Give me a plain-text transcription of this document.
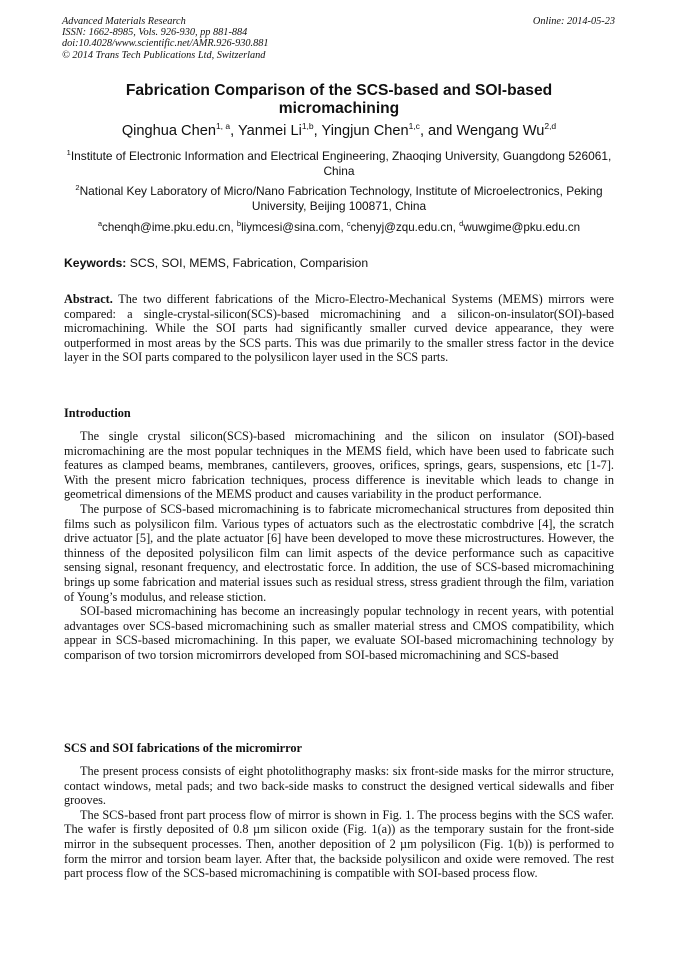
Advanced Materials Research
ISSN: 1662-8985, Vols. 926-930, pp 881-884
doi:10.4028/www.scientific.net/AMR.926-930.881
© 2014 Trans Tech Publications Ltd, Switzerland
Online: 2014-05-23
Fabrication Comparison of the SCS-based and SOI-based micromachining
Qinghua Chen$^{1, a}$, Yanmei Li$^{1,b}$, Yingjun Chen$^{1,c}$, and Wengang Wu$^{2,d}$
$^1$Institute of Electronic Information and Electrical Engineering, Zhaoqing University, Guangdong 526061, China
$^2$National Key Laboratory of Micro/Nano Fabrication Technology, Institute of Microelectronics, Peking University, Beijing 100871, China
$^a$chenqh@ime.pku.edu.cn, $^b$liymcesi@sina.com, $^c$chenyj@zqu.edu.cn, $^d$wuwgime@pku.edu.cn
Keywords: SCS, SOI, MEMS, Fabrication, Comparision

Abstract. The two different fabrications of the Micro-Electro-Mechanical Systems (MEMS) mirrors were compared: a single-crystal-silicon(SCS)-based micromachining and a silicon-on-insulator(SOI)-based micromachining. While the SOI parts had significantly smaller curved device appearance, they were outperformed in most areas by the SCS parts. This was due primarily to the smaller stress factor in the device layer in the SOI parts compared to the polysilicon layer used in the SCS parts.

Introduction

The single crystal silicon(SCS)-based micromachining and the silicon on insulator (SOI)-based micromachining are the most popular techniques in the MEMS field, which have been used to fabricate such features as clamped beams, membranes, cantilevers, grooves, orifices, springs, gears, suspensions, etc [1-7]. With the present micro fabrication techniques, process difference is inevitable which leads to change in geometrical dimensions of the MEMS product and causes variability in the product performance.

The purpose of SCS-based micromachining is to fabricate micromechanical structures from deposited thin films such as polysilicon film. Various types of actuators such as the electrostatic combdrive [4], the scratch drive actuator [5], and the plate actuator [6] have been developed to move these microstructures. However, the thinness of the deposited polysilicon film can limit aspects of the device performance such as capacitive sensing signal, resonant frequency, and electrostatic force. In addition, the use of SCS-based micromachining brings up some fabrication and material issues such as residual stress, stress gradient through the film, variation of Young’s modulus, and release stiction.

SOI-based micromachining has become an increasingly popular technology in recent years, with potential advantages over SCS-based micromachining such as smaller material stress and CMOS compatibility, which appear in SCS-based micromachining. In this paper, we evaluate SOI-based micromachining technology by comparison of two torsion micromirrors developed from SOI-based micromachining and SCS-based

SCS and SOI fabrications of the micromirror

The present process consists of eight photolithography masks: six front-side masks for the mirror structure, contact windows, metal pads; and two back-side masks to construct the designed vertical sidewalls and fiber grooves.

The SCS-based front part process flow of mirror is shown in Fig. 1. The process begins with the SCS wafer. The wafer is firstly deposited of 0.8 µm silicon oxide (Fig. 1(a)) as the temporary sustain for the front-side mirror in the subsequent processes. Then, another deposition of 2 µm polysilicon (Fig. 1(b)) is performed to form the mirror and torsion beam layer. After that, the backside polysilicon and oxide were removed. The rest part process flow of the SCS-based micromachining is compatible with SOI-based process flow.
